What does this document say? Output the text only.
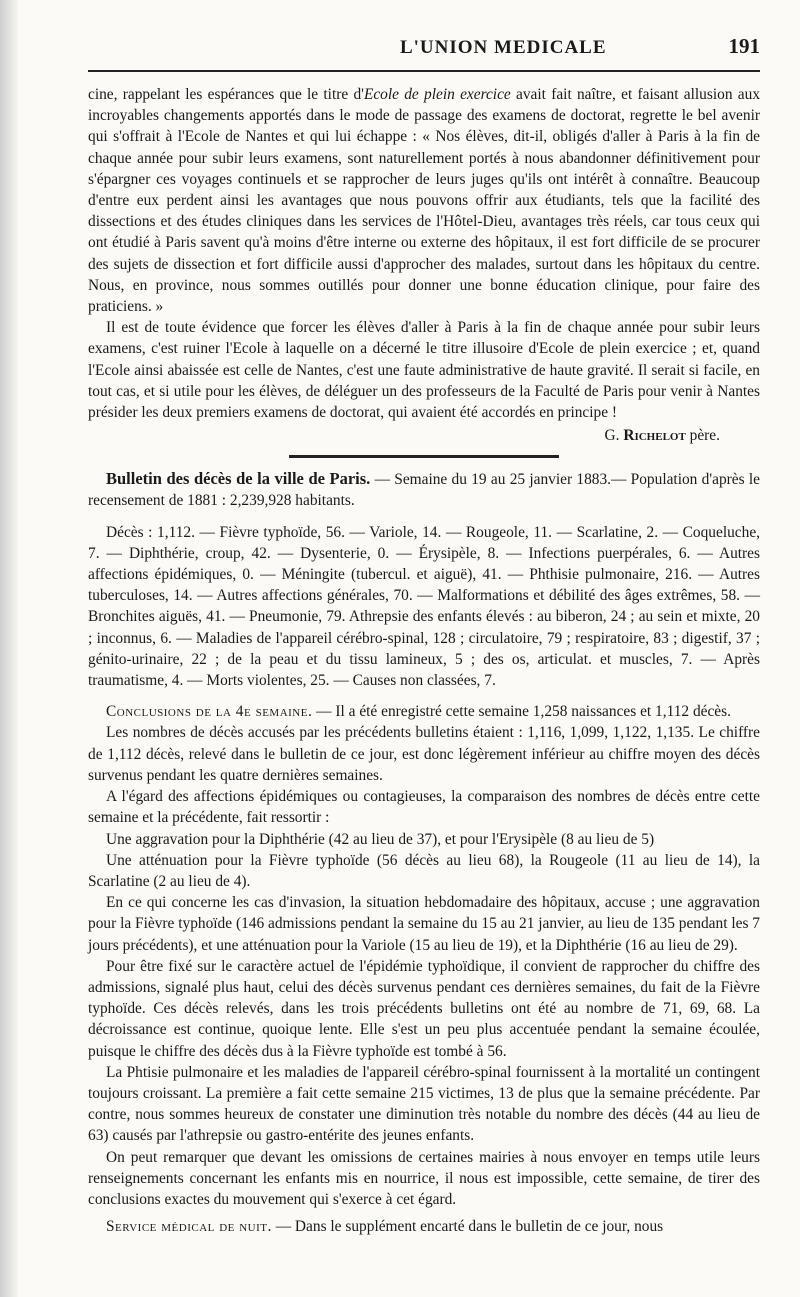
L'UNION MEDICALE	191

cine, rappelant les espérances que le titre d'Ecole de plein exercice avait fait naître, et faisant allusion aux incroyables changements apportés dans le mode de passage des examens de doctorat, regrette le bel avenir qui s'offrait à l'Ecole de Nantes et qui lui échappe : « Nos élèves, dit-il, obligés d'aller à Paris à la fin de chaque année pour subir leurs examens, sont naturellement portés à nous abandonner définitivement pour s'épargner ces voyages continuels et se rapprocher de leurs juges qu'ils ont intérêt à connaître. Beaucoup d'entre eux perdent ainsi les avantages que nous pouvons offrir aux étudiants, tels que la facilité des dissections et des études cliniques dans les services de l'Hôtel-Dieu, avantages très réels, car tous ceux qui ont étudié à Paris savent qu'à moins d'être interne ou externe des hôpitaux, il est fort difficile de se procurer des sujets de dissection et fort difficile aussi d'approcher des malades, surtout dans les hôpitaux du centre. Nous, en province, nous sommes outillés pour donner une bonne éducation clinique, pour faire des praticiens. »

Il est de toute évidence que forcer les élèves d'aller à Paris à la fin de chaque année pour subir leurs examens, c'est ruiner l'Ecole à laquelle on a décerné le titre illusoire d'Ecole de plein exercice ; et, quand l'Ecole ainsi abaissée est celle de Nantes, c'est une faute administrative de haute gravité. Il serait si facile, en tout cas, et si utile pour les élèves, de déléguer un des professeurs de la Faculté de Paris pour venir à Nantes présider les deux premiers examens de doctorat, qui avaient été accordés en principe !

G. Richelot père.

Bulletin des décès de la ville de Paris. — Semaine du 19 au 25 janvier 1883.— Population d'après le recensement de 1881 : 2,239,928 habitants.

Décès : 1,112. — Fièvre typhoïde, 56. — Variole, 14. — Rougeole, 11. — Scarlatine, 2. — Coqueluche, 7. — Diphthérie, croup, 42. — Dysenterie, 0. — Érysipèle, 8. — Infections puerpérales, 6. — Autres affections épidémiques, 0. — Méningite (tubercul. et aiguë), 41. — Phthisie pulmonaire, 216. — Autres tuberculoses, 14. — Autres affections générales, 70. — Malformations et débilité des âges extrêmes, 58. — Bronchites aiguës, 41. — Pneumonie, 79. Athrepsie des enfants élevés : au biberon, 24 ; au sein et mixte, 20 ; inconnus, 6. — Maladies de l'appareil cérébro-spinal, 128 ; circulatoire, 79 ; respiratoire, 83 ; digestif, 37 ; génito-urinaire, 22 ; de la peau et du tissu lamineux, 5 ; des os, articulat. et muscles, 7. — Après traumatisme, 4. — Morts violentes, 25. — Causes non classées, 7.

Conclusions de la 4e semaine. — Il a été enregistré cette semaine 1,258 naissances et 1,112 décès.

Les nombres de décès accusés par les précédents bulletins étaient : 1,116, 1,099, 1,122, 1,135. Le chiffre de 1,112 décès, relevé dans le bulletin de ce jour, est donc légèrement inférieur au chiffre moyen des décès survenus pendant les quatre dernières semaines.

A l'égard des affections épidémiques ou contagieuses, la comparaison des nombres de décès entre cette semaine et la précédente, fait ressortir :

Une aggravation pour la Diphthérie (42 au lieu de 37), et pour l'Erysipèle (8 au lieu de 5)

Une atténuation pour la Fièvre typhoïde (56 décès au lieu 68), la Rougeole (11 au lieu de 14), la Scarlatine (2 au lieu de 4).

En ce qui concerne les cas d'invasion, la situation hebdomadaire des hôpitaux, accuse ; une aggravation pour la Fièvre typhoïde (146 admissions pendant la semaine du 15 au 21 janvier, au lieu de 135 pendant les 7 jours précédents), et une atténuation pour la Variole (15 au lieu de 19), et la Diphthérie (16 au lieu de 29).

Pour être fixé sur le caractère actuel de l'épidémie typhoïdique, il convient de rapprocher du chiffre des admissions, signalé plus haut, celui des décès survenus pendant ces dernières semaines, du fait de la Fièvre typhoïde. Ces décès relevés, dans les trois précédents bulletins ont été au nombre de 71, 69, 68. La décroissance est continue, quoique lente. Elle s'est un peu plus accentuée pendant la semaine écoulée, puisque le chiffre des décès dus à la Fièvre typhoïde est tombé à 56.

La Phtisie pulmonaire et les maladies de l'appareil cérébro-spinal fournissent à la mortalité un contingent toujours croissant. La première a fait cette semaine 215 victimes, 13 de plus que la semaine précédente. Par contre, nous sommes heureux de constater une diminution très notable du nombre des décès (44 au lieu de 63) causés par l'athrepsie ou gastro-entérite des jeunes enfants.

On peut remarquer que devant les omissions de certaines mairies à nous envoyer en temps utile leurs renseignements concernant les enfants mis en nourrice, il nous est impossible, cette semaine, de tirer des conclusions exactes du mouvement qui s'exerce à cet égard.

Service médical de nuit. — Dans le supplément encarté dans le bulletin de ce jour, nous
